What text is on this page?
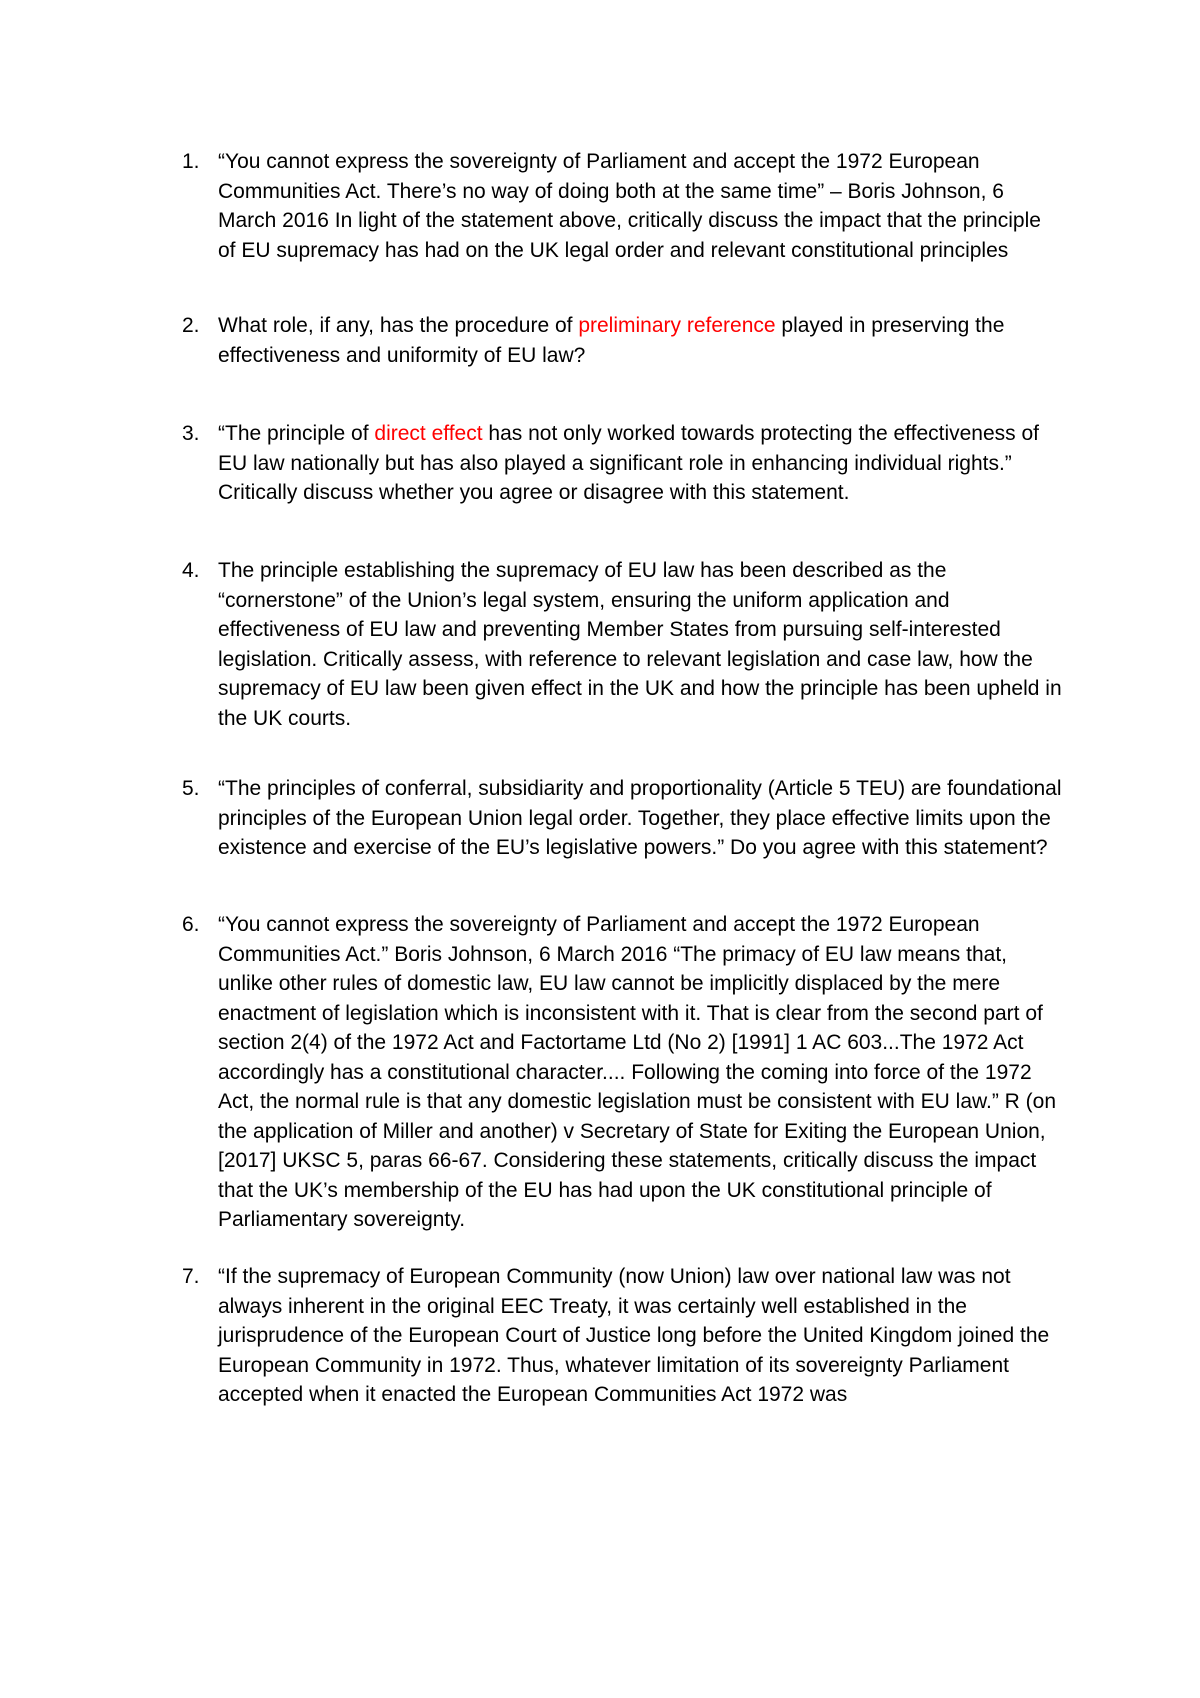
1. “You cannot express the sovereignty of Parliament and accept the 1972 European Communities Act. There’s no way of doing both at the same time” – Boris Johnson, 6 March 2016 In light of the statement above, critically discuss the impact that the principle of EU supremacy has had on the UK legal order and relevant constitutional principles
2. What role, if any, has the procedure of preliminary reference played in preserving the effectiveness and uniformity of EU law?
3. “The principle of direct effect has not only worked towards protecting the effectiveness of EU law nationally but has also played a significant role in enhancing individual rights.” Critically discuss whether you agree or disagree with this statement.
4. The principle establishing the supremacy of EU law has been described as the “cornerstone” of the Union’s legal system, ensuring the uniform application and effectiveness of EU law and preventing Member States from pursuing self-interested legislation. Critically assess, with reference to relevant legislation and case law, how the supremacy of EU law been given effect in the UK and how the principle has been upheld in the UK courts.
5. “The principles of conferral, subsidiarity and proportionality (Article 5 TEU) are foundational principles of the European Union legal order. Together, they place effective limits upon the existence and exercise of the EU’s legislative powers.” Do you agree with this statement?
6. “You cannot express the sovereignty of Parliament and accept the 1972 European Communities Act.” Boris Johnson, 6 March 2016 “The primacy of EU law means that, unlike other rules of domestic law, EU law cannot be implicitly displaced by the mere enactment of legislation which is inconsistent with it. That is clear from the second part of section 2(4) of the 1972 Act and Factortame Ltd (No 2) [1991] 1 AC 603...The 1972 Act accordingly has a constitutional character.... Following the coming into force of the 1972 Act, the normal rule is that any domestic legislation must be consistent with EU law.” R (on the application of Miller and another) v Secretary of State for Exiting the European Union, [2017] UKSC 5, paras 66-67. Considering these statements, critically discuss the impact that the UK’s membership of the EU has had upon the UK constitutional principle of Parliamentary sovereignty.
7. “If the supremacy of European Community (now Union) law over national law was not always inherent in the original EEC Treaty, it was certainly well established in the jurisprudence of the European Court of Justice long before the United Kingdom joined the European Community in 1972. Thus, whatever limitation of its sovereignty Parliament accepted when it enacted the European Communities Act 1972 was
